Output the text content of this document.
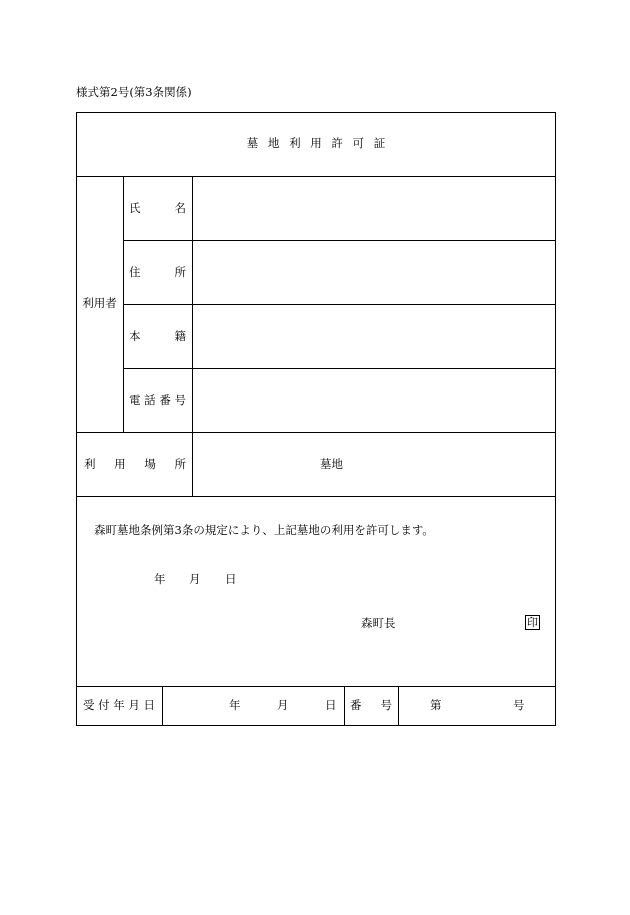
様式第2号(第3条関係)
墓 地 利 用 許 可 証
利用者
氏	名
住	所
本	籍
電 話 番 号
利 用 場 所	墓地
森町墓地条例第3条の規定により、上記墓地の利用を許可します。
年 月 日
森町長	印
受 付 年 月 日	年	月	日 番 号	第	号
